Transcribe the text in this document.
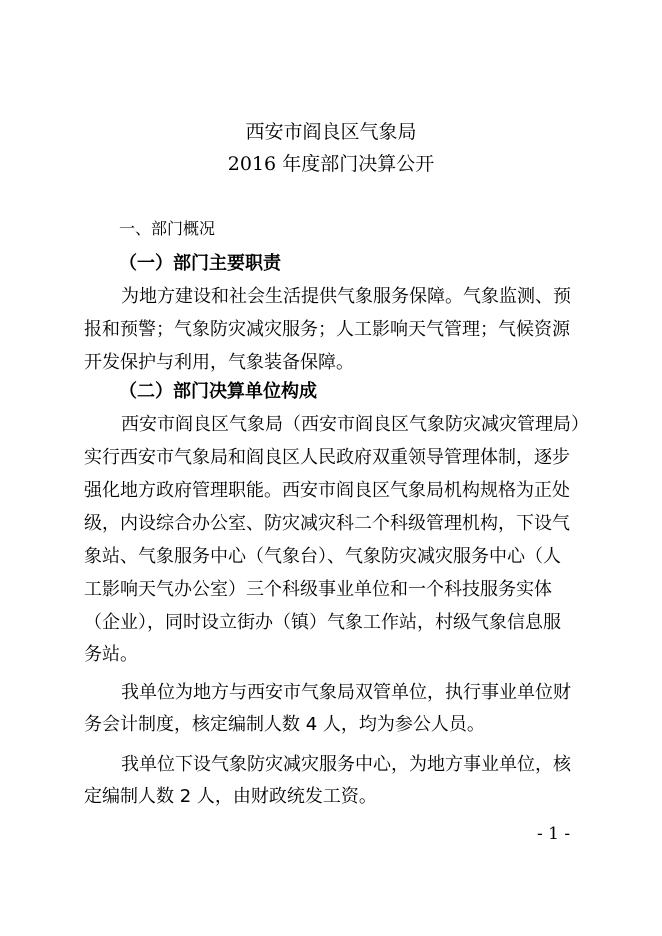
西安市阎良区气象局
2016 年度部门决算公开
一、部门概况
（一）部门主要职责
为地方建设和社会生活提供气象服务保障。气象监测、预
报和预警；气象防灾减灾服务；人工影响天气管理；气候资源
开发保护与利用，气象装备保障。
（二）部门决算单位构成
西安市阎良区气象局（西安市阎良区气象防灾减灾管理局）
实行西安市气象局和阎良区人民政府双重领导管理体制，逐步
强化地方政府管理职能。西安市阎良区气象局机构规格为正处
级，内设综合办公室、防灾减灾科二个科级管理机构，下设气
象站、气象服务中心（气象台）、气象防灾减灾服务中心（人
工影响天气办公室）三个科级事业单位和一个科技服务实体
（企业），同时设立街办（镇）气象工作站，村级气象信息服
务站。
我单位为地方与西安市气象局双管单位，执行事业单位财
务会计制度，核定编制人数 4 人，均为参公人员。
我单位下设气象防灾减灾服务中心，为地方事业单位，核
定编制人数 2 人，由财政统发工资。
- 1 -
